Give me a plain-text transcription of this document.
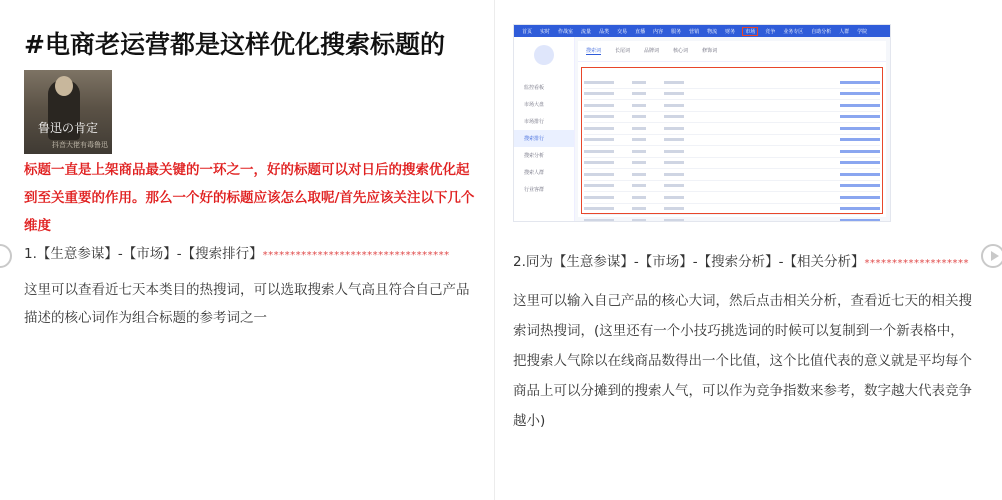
#电商老运营都是这样优化搜索标题的
鲁迅の肯定
抖音大佬有毒鲁迅
标题一直是上架商品最关键的一环之一，好的标题可以对日后的搜索优化起到至关重要的作用。那么一个好的标题应该怎么取呢/首先应该关注以下几个维度
1.【生意参谋】-【市场】-【搜索排行】**********************************
这里可以查看近七天本类目的热搜词，可以选取搜索人气高且符合自己产品描述的核心词作为组合标题的参考词之一
首页 实时 作战室 流量 品类 交易 直播 内容 服务 营销 物流 财务	市场	竞争 业务专区 自助分析 人群 学院
监控看板
市场大盘
市场排行
搜索排行
搜索分析
搜索人群
行业客群
搜索词	长尾词	品牌词	核心词	修饰词
2.同为【生意参谋】-【市场】-【搜索分析】-【相关分析】*******************
这里可以输入自己产品的核心大词，然后点击相关分析，查看近七天的相关搜索词热搜词，(这里还有一个小技巧挑选词的时候可以复制到一个新表格中，把搜索人气除以在线商品数得出一个比值，这个比值代表的意义就是平均每个商品上可以分摊到的搜索人气，可以作为竞争指数来参考，数字越大代表竞争越小)
